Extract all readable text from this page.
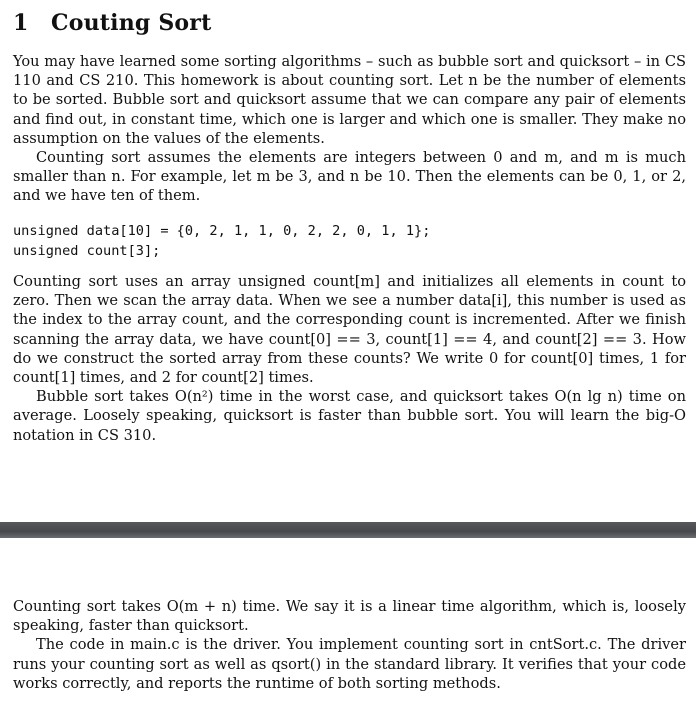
1 Couting Sort

You may have learned some sorting algorithms – such as bubble sort and quicksort – in CS 110 and CS 210. This homework is about counting sort. Let n be the number of elements to be sorted. Bubble sort and quicksort assume that we can compare any pair of elements and find out, in constant time, which one is larger and which one is smaller. They make no assumption on the values of the elements.

Counting sort assumes the elements are integers between 0 and m, and m is much smaller than n. For example, let m be 3, and n be 10. Then the elements can be 0, 1, or 2, and we have ten of them.

unsigned data[10] = {0, 2, 1, 1, 0, 2, 2, 0, 1, 1};
unsigned count[3];

Counting sort uses an array unsigned count[m] and initializes all elements in count to zero. Then we scan the array data. When we see a number data[i], this number is used as the index to the array count, and the corresponding count is incremented. After we finish scanning the array data, we have count[0] == 3, count[1] == 4, and count[2] == 3. How do we construct the sorted array from these counts? We write 0 for count[0] times, 1 for count[1] times, and 2 for count[2] times.

Bubble sort takes O(n²) time in the worst case, and quicksort takes O(n lg n) time on average. Loosely speaking, quicksort is faster than bubble sort. You will learn the big-O notation in CS 310.

Counting sort takes O(m + n) time. We say it is a linear time algorithm, which is, loosely speaking, faster than quicksort.

The code in main.c is the driver. You implement counting sort in cntSort.c. The driver runs your counting sort as well as qsort() in the standard library. It verifies that your code works correctly, and reports the runtime of both sorting methods.
